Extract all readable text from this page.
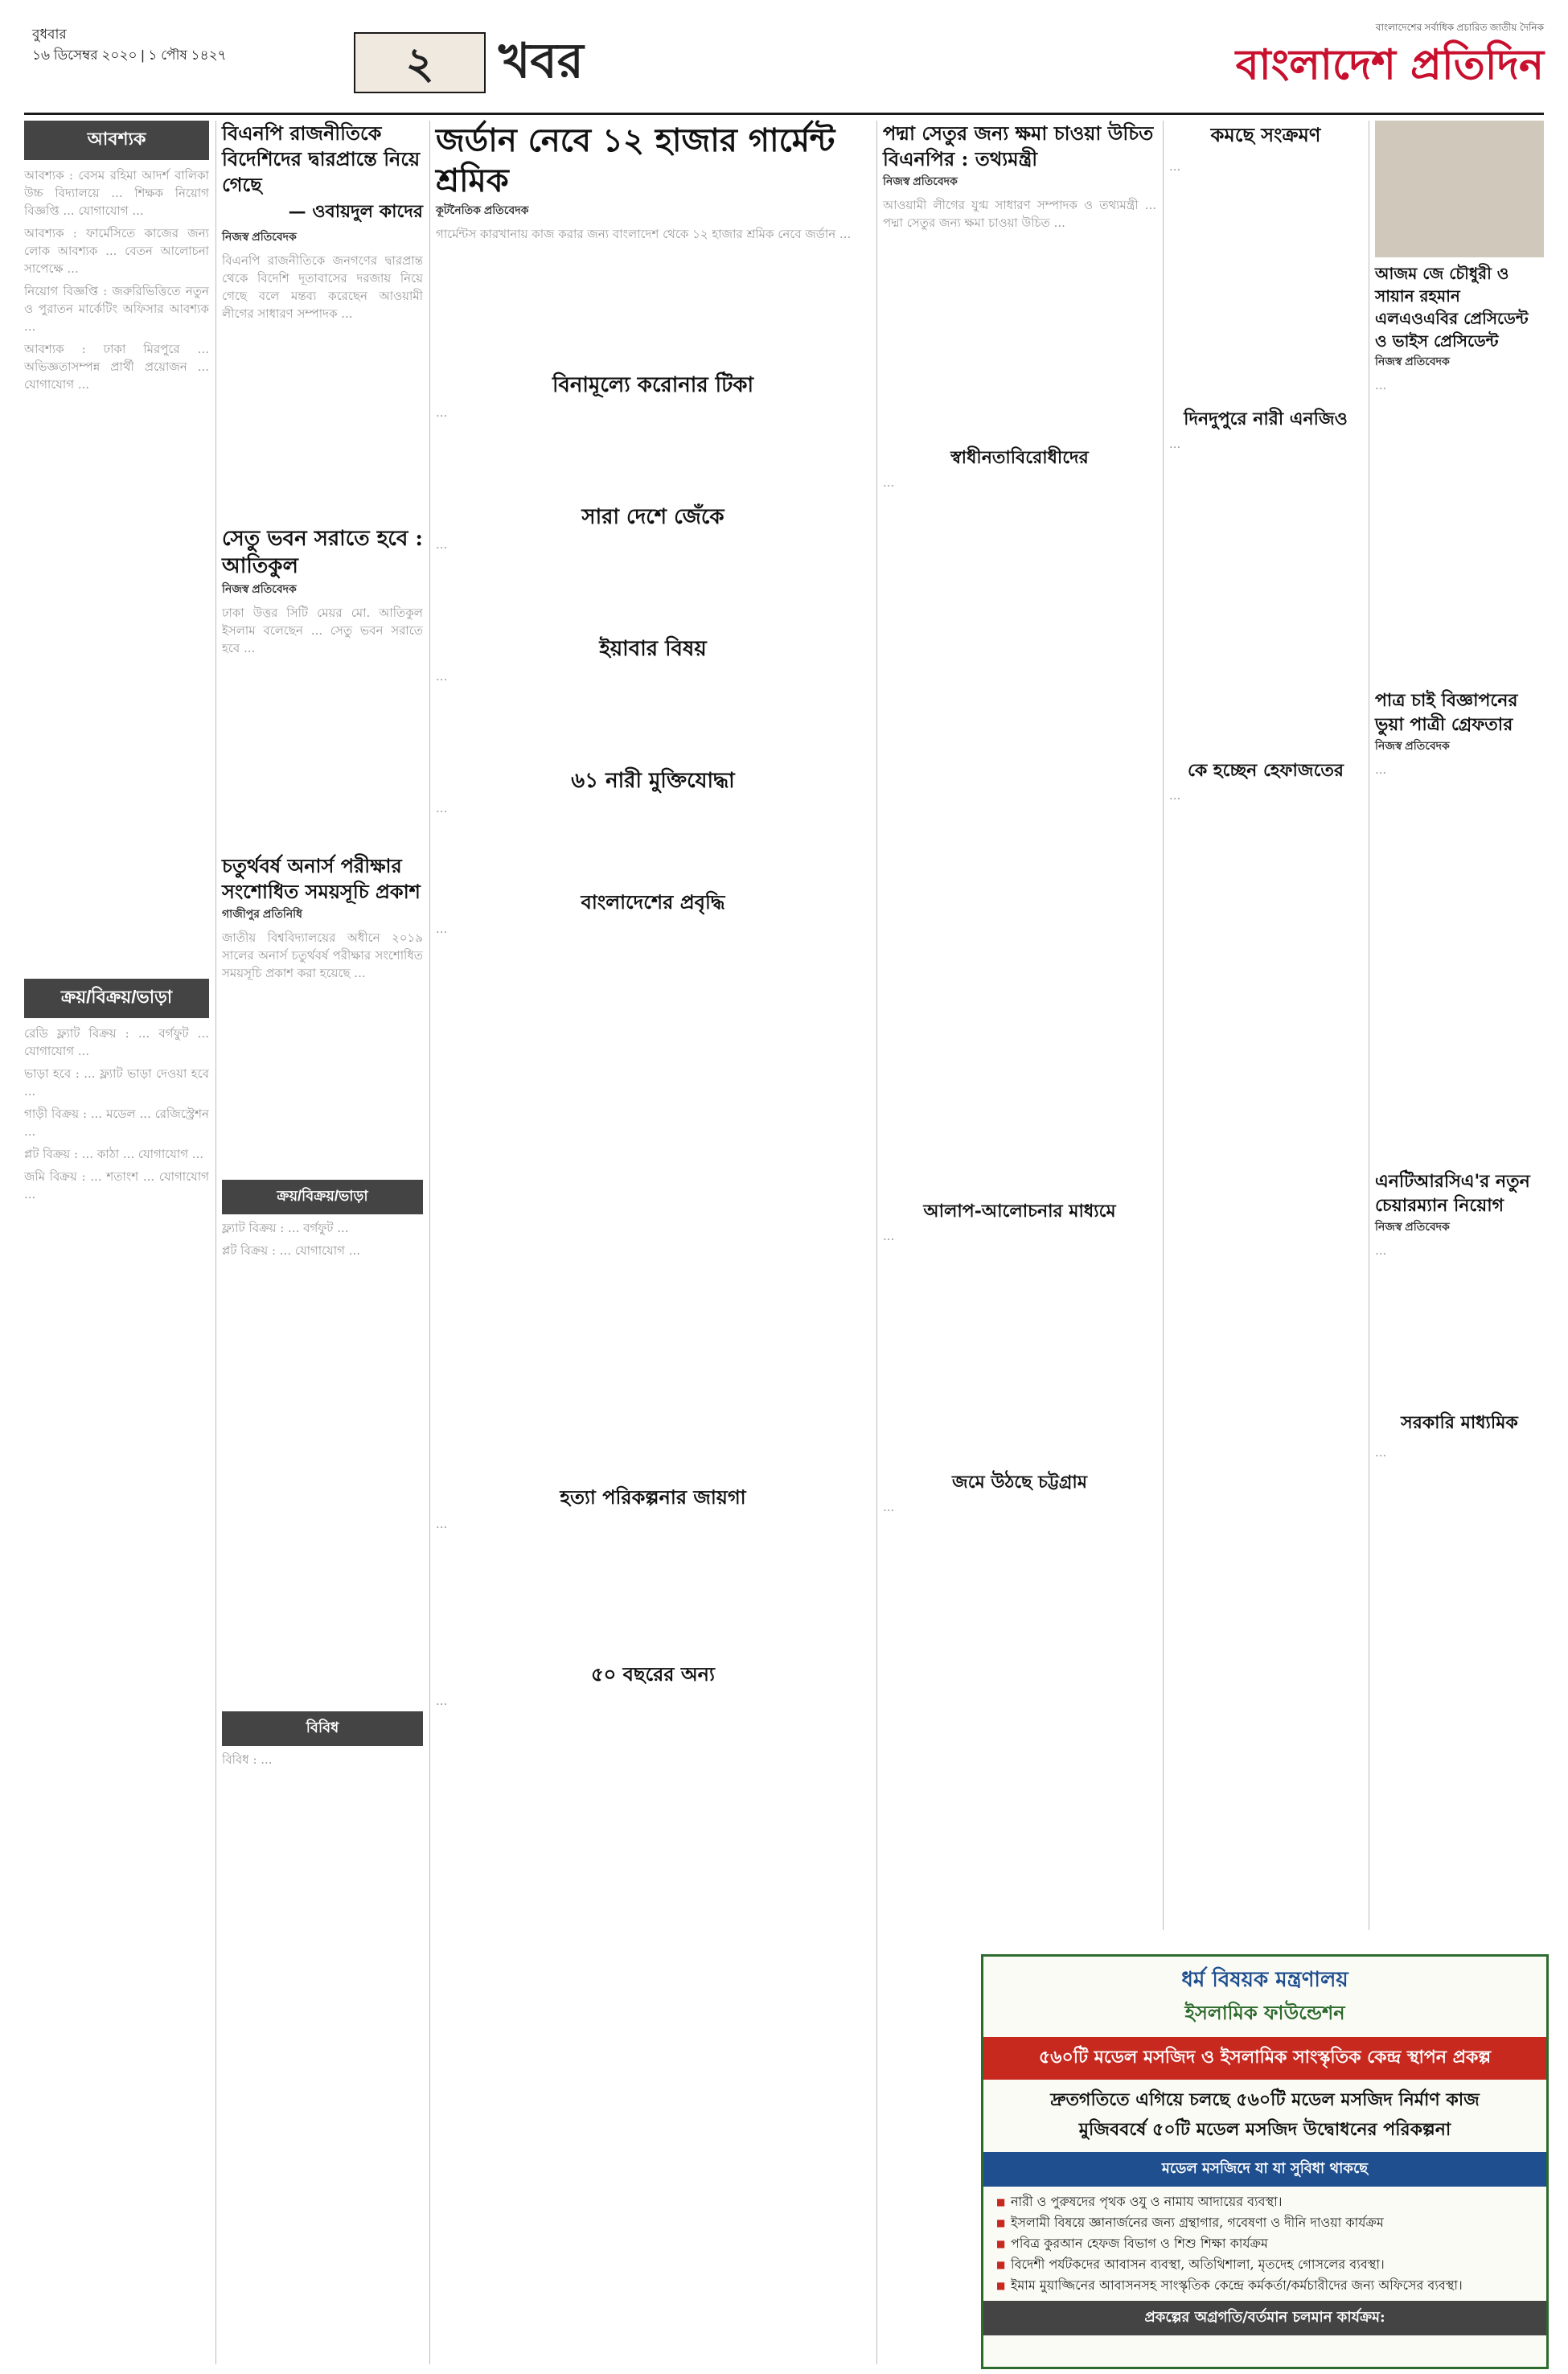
বুধবার
১৬ ডিসেম্বর ২০২০ | ১ পৌষ ১৪২৭	২	খবর
বাংলাদেশের সর্বাধিক প্রচারিত জাতীয় দৈনিক
বাংলাদেশ প্রতিদিন
আবশ্যক

আবশ্যক : বেসম রহিমা আদর্শ বালিকা উচ্চ বিদ্যালয়ে ... শিক্ষক নিয়োগ বিজ্ঞপ্তি ... যোগাযোগ ...

আবশ্যক : ফার্মেসিতে কাজের জন্য লোক আবশ্যক ... বেতন আলোচনা সাপেক্ষে ...

নিয়োগ বিজ্ঞপ্তি : জরুরিভিত্তিতে নতুন ও পুরাতন মার্কেটিং অফিসার আবশ্যক ...

আবশ্যক : ঢাকা মিরপুরে ... অভিজ্ঞতাসম্পন্ন প্রার্থী প্রয়োজন ... যোগাযোগ ...

ক্রয়/বিক্রয়/ভাড়া

রেডি ফ্ল্যাট বিক্রয় : ... বর্গফুট ... যোগাযোগ ...

ভাড়া হবে : ... ফ্ল্যাট ভাড়া দেওয়া হবে ...

গাড়ী বিক্রয় : ... মডেল ... রেজিস্ট্রেশন ...

প্লট বিক্রয় : ... কাঠা ... যোগাযোগ ...

জমি বিক্রয় : ... শতাংশ ... যোগাযোগ ...

বিএনপি রাজনীতিকে বিদেশিদের দ্বারপ্রান্তে নিয়ে গেছে
— ওবায়দুল কাদের
নিজস্ব প্রতিবেদক

বিএনপি রাজনীতিকে জনগণের দ্বারপ্রান্ত থেকে বিদেশি দূতাবাসের দরজায় নিয়ে গেছে বলে মন্তব্য করেছেন আওয়ামী লীগের সাধারণ সম্পাদক ...

সেতু ভবন সরাতে হবে : আতিকুল
নিজস্ব প্রতিবেদক

ঢাকা উত্তর সিটি মেয়র মো. আতিকুল ইসলাম বলেছেন ... সেতু ভবন সরাতে হবে ...

চতুর্থবর্ষ অনার্স পরীক্ষার সংশোধিত সময়সূচি প্রকাশ
গাজীপুর প্রতিনিধি

জাতীয় বিশ্ববিদ্যালয়ের অধীনে ২০১৯ সালের অনার্স চতুর্থবর্ষ পরীক্ষার সংশোধিত সময়সূচি প্রকাশ করা হয়েছে ...

ক্রয়/বিক্রয়/ভাড়া

ফ্ল্যাট বিক্রয় : ... বর্গফুট ...

প্লট বিক্রয় : ... যোগাযোগ ...

বিবিধ

বিবিধ : ...

জর্ডান নেবে ১২ হাজার গার্মেন্ট শ্রমিক
কূটনৈতিক প্রতিবেদক

গার্মেন্টস কারখানায় কাজ করার জন্য বাংলাদেশ থেকে ১২ হাজার শ্রমিক নেবে জর্ডান ...

বিনামূল্যে করোনার টিকা

...

সারা দেশে জেঁকে

...

ইয়াবার বিষয়

...

৬১ নারী মুক্তিযোদ্ধা

...

বাংলাদেশের প্রবৃদ্ধি

...

হত্যা পরিকল্পনার জায়গা

...

৫০ বছরের অন্য

...

পদ্মা সেতুর জন্য ক্ষমা চাওয়া উচিত বিএনপির : তথ্যমন্ত্রী
নিজস্ব প্রতিবেদক

আওয়ামী লীগের যুগ্ম সাধারণ সম্পাদক ও তথ্যমন্ত্রী ... পদ্মা সেতুর জন্য ক্ষমা চাওয়া উচিত ...

স্বাধীনতাবিরোধীদের

...

আলাপ-আলোচনার মাধ্যমে

...

জমে উঠছে চট্টগ্রাম

...

কমছে সংক্রমণ

...

দিনদুপুরে নারী এনজিও

...

কে হচ্ছেন হেফাজতের

...

আজম জে চৌধুরী ও সায়ান রহমান এলএওএবির প্রেসিডেন্ট ও ভাইস প্রেসিডেন্ট
নিজস্ব প্রতিবেদক

...

পাত্র চাই বিজ্ঞাপনের ভুয়া পাত্রী গ্রেফতার
নিজস্ব প্রতিবেদক

...

এনটিআরসিএ'র নতুন চেয়ারম্যান নিয়োগ
নিজস্ব প্রতিবেদক

...

সরকারি মাধ্যমিক

...

ধর্ম বিষয়ক মন্ত্রণালয়
ইসলামিক ফাউন্ডেশন
৫৬০টি মডেল মসজিদ ও ইসলামিক সাংস্কৃতিক কেন্দ্র স্থাপন প্রকল্প
দ্রুতগতিতে এগিয়ে চলছে ৫৬০টি মডেল মসজিদ নির্মাণ কাজ
মুজিববর্ষে ৫০টি মডেল মসজিদ উদ্বোধনের পরিকল্পনা
মডেল মসজিদে যা যা সুবিধা থাকছে
■ নারী ও পুরুষদের পৃথক ওযু ও নামায আদায়ের ব্যবস্থা।
■ ইসলামী বিষয়ে জ্ঞানার্জনের জন্য গ্রন্থাগার, গবেষণা ও দীনি দাওয়া কার্যক্রম
■ পবিত্র কুরআন হেফজ বিভাগ ও শিশু শিক্ষা কার্যক্রম
■ বিদেশী পর্যটকদের আবাসন ব্যবস্থা, অতিথিশালা, মৃতদেহ গোসলের ব্যবস্থা।
■ ইমাম মুয়াজ্জিনের আবাসনসহ সাংস্কৃতিক কেন্দ্রে কর্মকর্তা/কর্মচারীদের জন্য অফিসের ব্যবস্থা।
প্রকল্পের অগ্রগতি/বর্তমান চলমান কার্যক্রম:
